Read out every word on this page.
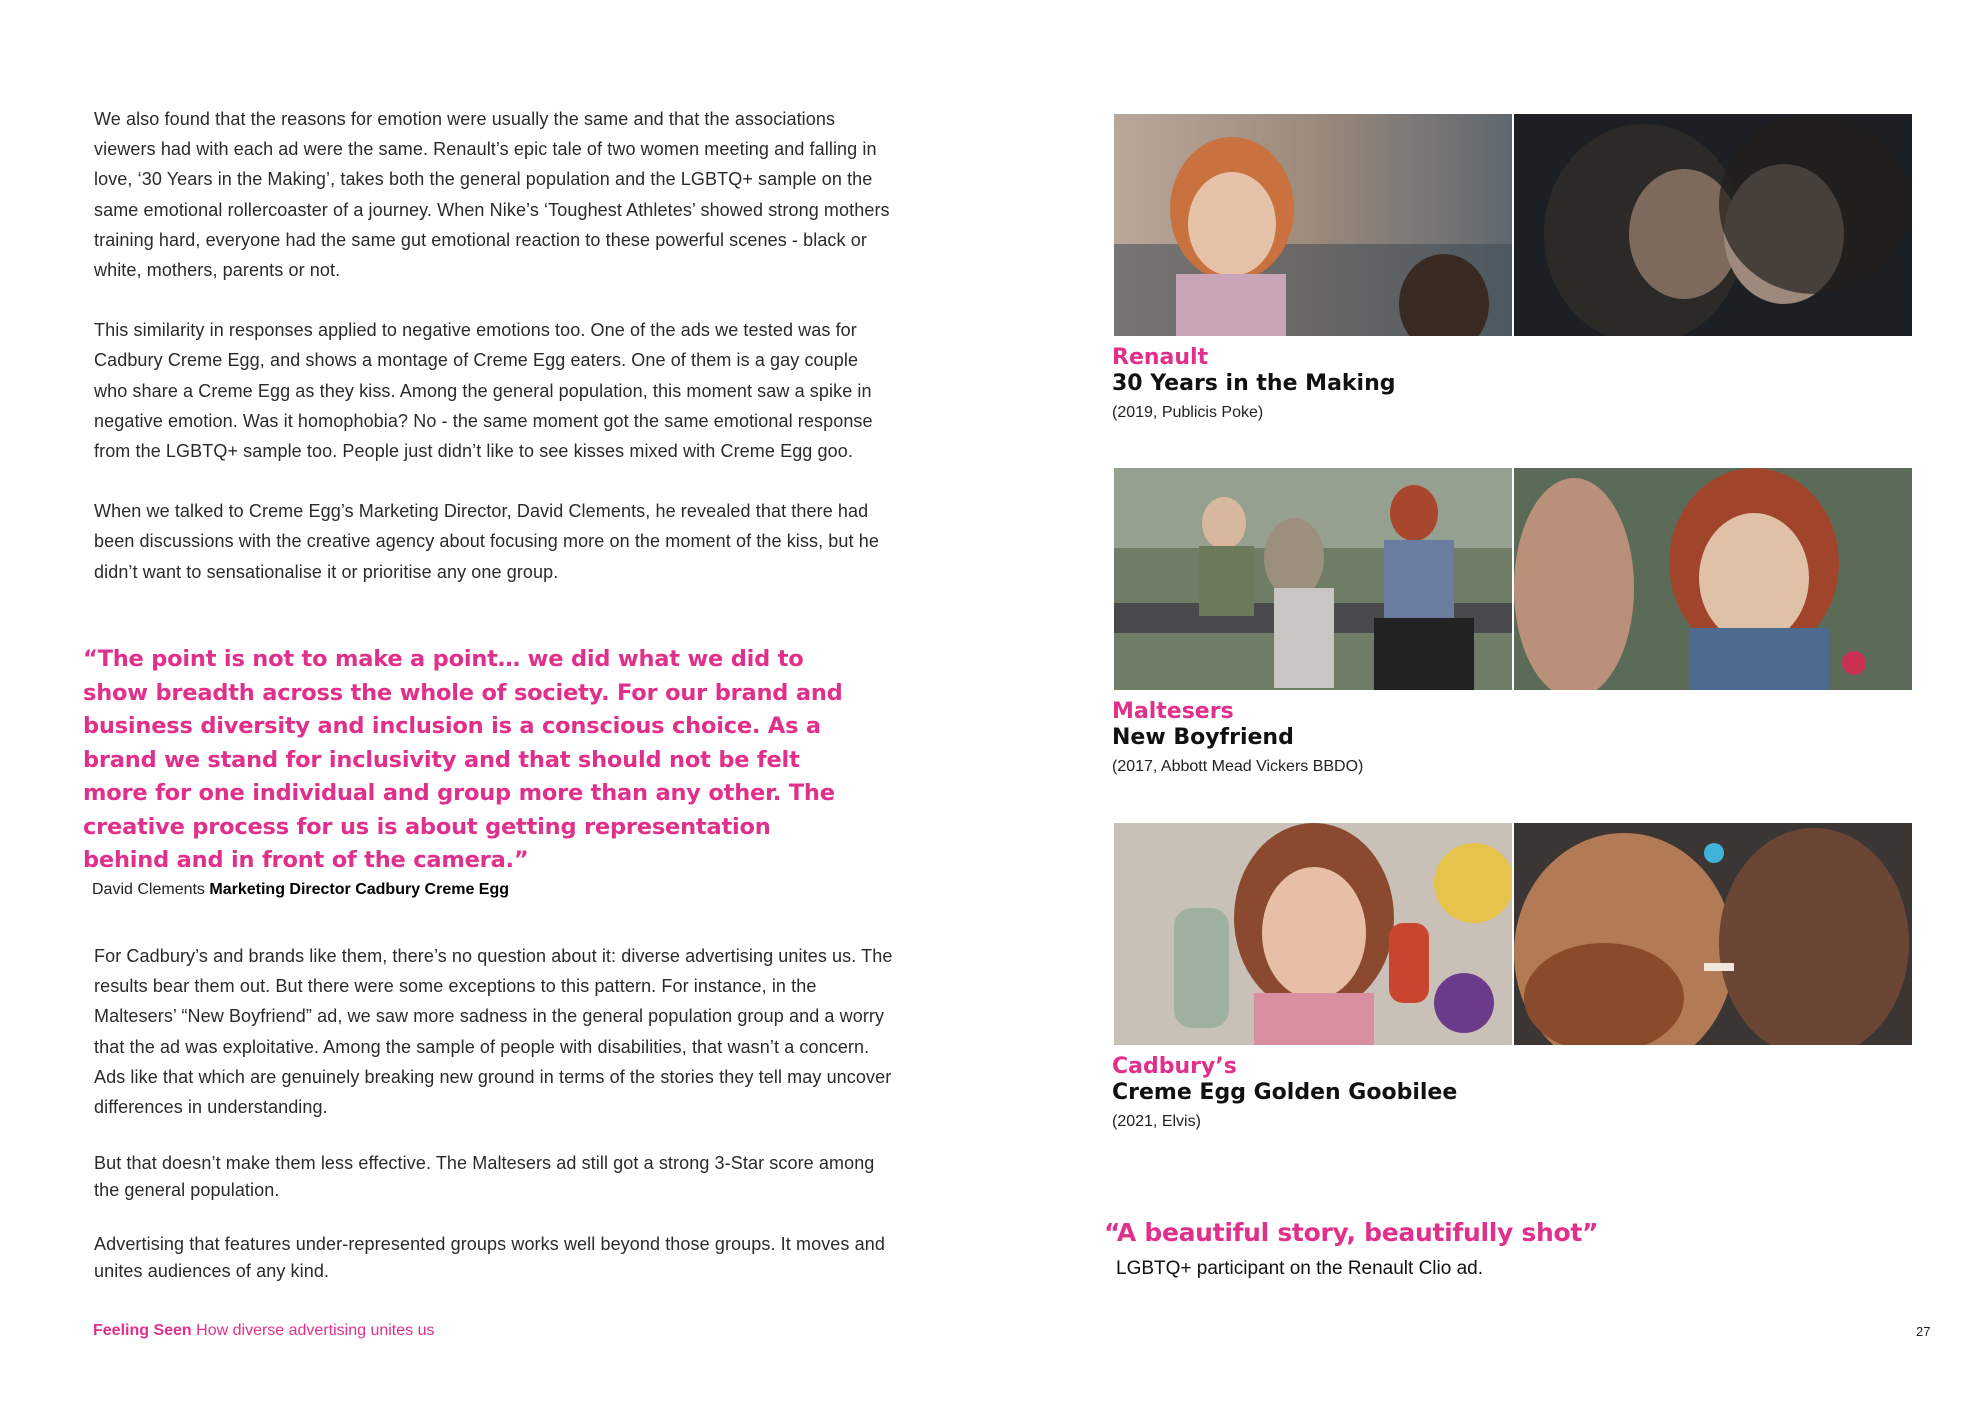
We also found that the reasons for emotion were usually the same and that the associations viewers had with each ad were the same. Renault’s epic tale of two women meeting and falling in love, ‘30 Years in the Making’, takes both the general population and the LGBTQ+ sample on the same emotional rollercoaster of a journey. When Nike’s ‘Toughest Athletes’ showed strong mothers training hard, everyone had the same gut emotional reaction to these powerful scenes - black or white, mothers, parents or not.

This similarity in responses applied to negative emotions too. One of the ads we tested was for Cadbury Creme Egg, and shows a montage of Creme Egg eaters. One of them is a gay couple who share a Creme Egg as they kiss. Among the general population, this moment saw a spike in negative emotion. Was it homophobia? No - the same moment got the same emotional response from the LGBTQ+ sample too. People just didn’t like to see kisses mixed with Creme Egg goo.

When we talked to Creme Egg’s Marketing Director, David Clements, he revealed that there had been discussions with the creative agency about focusing more on the moment of the kiss, but he didn’t want to sensationalise it or prioritise any one group.

“The point is not to make a point… we did what we did to show breadth across the whole of society. For our brand and business diversity and inclusion is a conscious choice. As a brand we stand for inclusivity and that should not be felt more for one individual and group more than any other. The creative process for us is about getting representation behind and in front of the camera.”

David Clements Marketing Director Cadbury Creme Egg

For Cadbury’s and brands like them, there’s no question about it: diverse advertising unites us. The results bear them out. But there were some exceptions to this pattern. For instance, in the Maltesers’ “New Boyfriend” ad, we saw more sadness in the general population group and a worry that the ad was exploitative. Among the sample of people with disabilities, that wasn’t a concern. Ads like that which are genuinely breaking new ground in terms of the stories they tell may uncover differences in understanding.

But that doesn’t make them less effective. The Maltesers ad still got a strong 3-Star score among the general population.

Advertising that features under-represented groups works well beyond those groups. It moves and unites audiences of any kind.

Renault
30 Years in the Making
(2019, Publicis Poke)
Maltesers
New Boyfriend
(2017, Abbott Mead Vickers BBDO)
Cadbury’s
Creme Egg Golden Goobilee
(2021, Elvis)
“A beautiful story, beautifully shot”
LGBTQ+ participant on the Renault Clio ad.
Feeling Seen How diverse advertising unites us	27
